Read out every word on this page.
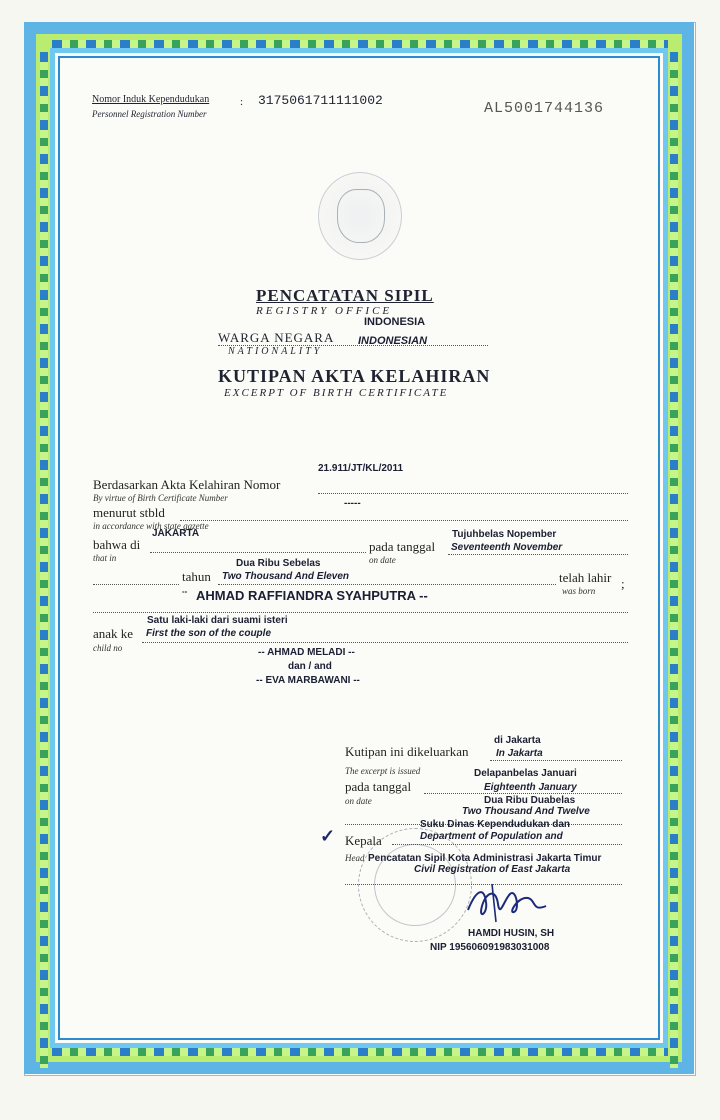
Nomor Induk Kependudukan	:
Personnel Registration Number
3175061711111002	AL5001744136
PENCATATAN SIPIL
REGISTRY OFFICE
INDONESIA
WARGA NEGARA
NATIONALITY
INDONESIAN
KUTIPAN AKTA KELAHIRAN
EXCERPT OF BIRTH CERTIFICATE
21.911/JT/KL/2011
Berdasarkan Akta Kelahiran Nomor
By virtue of Birth Certificate Number	-----
menurut stbld
in accordance with state gazette
JAKARTA
bahwa di
that in
Tujuhbelas Nopember
pada tanggal Seventeenth November
on date
Dua Ribu Sebelas
tahun Two Thousand And Eleven	telah lahir ;
was born
-- AHMAD RAFFIANDRA SYAHPUTRA --
Satu laki-laki dari suami isteri
anak ke First the son of the couple
child no	-- AHMAD MELADI --
dan / and
-- EVA MARBAWANI --
di Jakarta
Kutipan ini dikeluarkan	In Jakarta
The excerpt is issued	Delapanbelas Januari
pada tanggal	Eighteenth January
on date	Dua Ribu Duabelas
Two Thousand And Twelve
✓
Suku Dinas Kependudukan dan
Kepala	Department of Population and
Head Pencatatan Sipil Kota Administrasi Jakarta Timur
Civil Registration of East Jakarta
HAMDI HUSIN, SH
NIP 195606091983031008
